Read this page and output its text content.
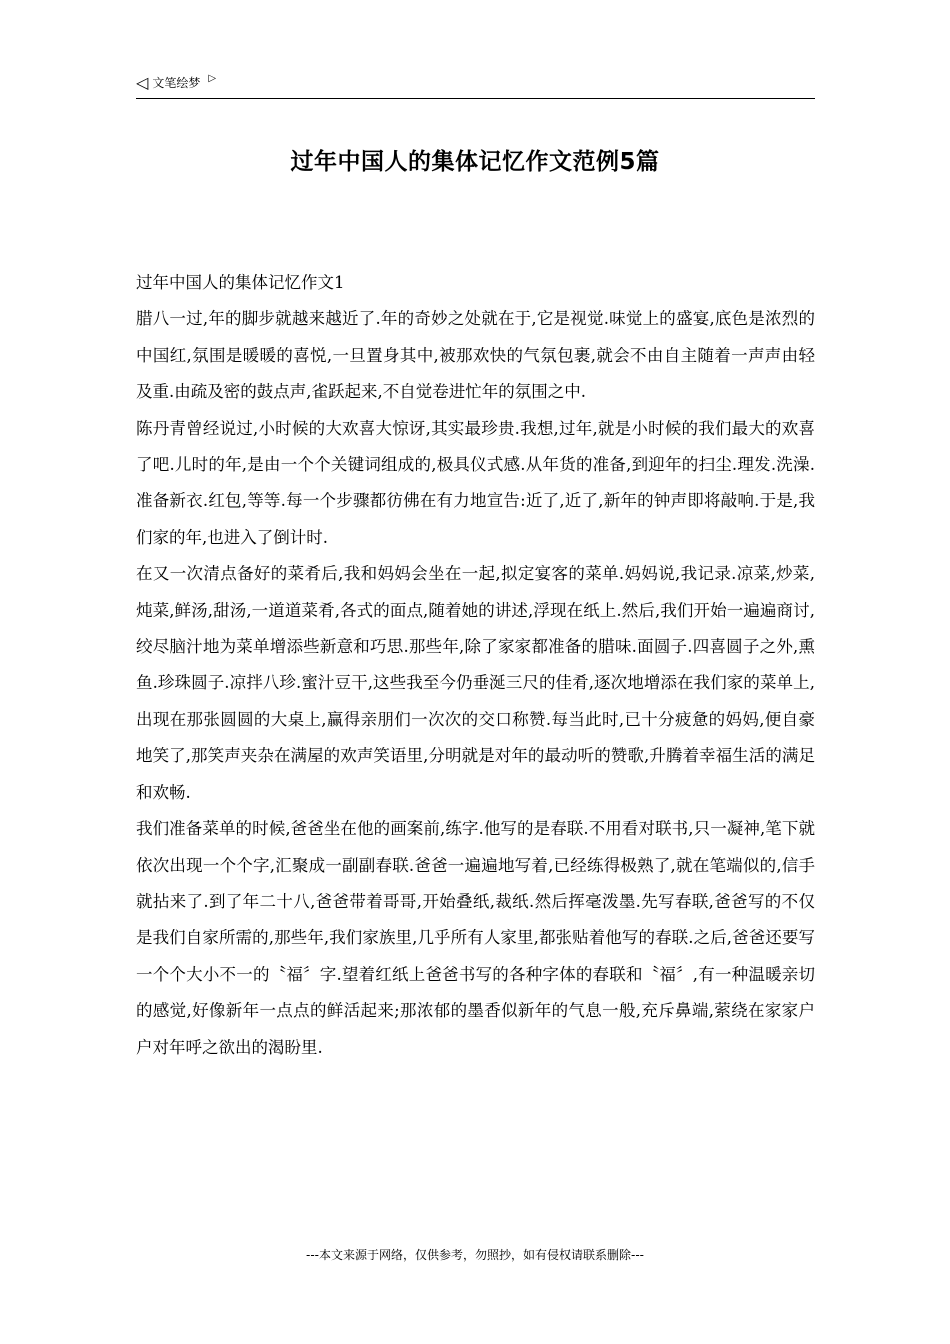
◁ 文笔绘梦 ▷
过年中国人的集体记忆作文范例5篇

过年中国人的集体记忆作文1

腊八一过,年的脚步就越来越近了.年的奇妙之处就在于,它是视觉.味觉上的盛宴,底色是浓烈的中国红,氛围是暖暖的喜悦,一旦置身其中,被那欢快的气氛包裹,就会不由自主随着一声声由轻及重.由疏及密的鼓点声,雀跃起来,不自觉卷进忙年的氛围之中.

陈丹青曾经说过,小时候的大欢喜大惊讶,其实最珍贵.我想,过年,就是小时候的我们最大的欢喜了吧.儿时的年,是由一个个关键词组成的,极具仪式感.从年货的准备,到迎年的扫尘.理发.洗澡.准备新衣.红包,等等.每一个步骤都彷佛在有力地宣告:近了,近了,新年的钟声即将敲响.于是,我们家的年,也进入了倒计时.

在又一次清点备好的菜肴后,我和妈妈会坐在一起,拟定宴客的菜单.妈妈说,我记录.凉菜,炒菜,炖菜,鲜汤,甜汤,一道道菜肴,各式的面点,随着她的讲述,浮现在纸上.然后,我们开始一遍遍商讨,绞尽脑汁地为菜单增添些新意和巧思.那些年,除了家家都准备的腊味.面圆子.四喜圆子之外,熏鱼.珍珠圆子.凉拌八珍.蜜汁豆干,这些我至今仍垂涎三尺的佳肴,逐次地增添在我们家的菜单上,出现在那张圆圆的大桌上,赢得亲朋们一次次的交口称赞.每当此时,已十分疲惫的妈妈,便自豪地笑了,那笑声夹杂在满屋的欢声笑语里,分明就是对年的最动听的赞歌,升腾着幸福生活的满足和欢畅.

我们准备菜单的时候,爸爸坐在他的画案前,练字.他写的是春联.不用看对联书,只一凝神,笔下就依次出现一个个字,汇聚成一副副春联.爸爸一遍遍地写着,已经练得极熟了,就在笔端似的,信手就拈来了.到了年二十八,爸爸带着哥哥,开始叠纸,裁纸.然后挥毫泼墨.先写春联,爸爸写的不仅是我们自家所需的,那些年,我们家族里,几乎所有人家里,都张贴着他写的春联.之后,爸爸还要写一个个大小不一的〝福〞字.望着红纸上爸爸书写的各种字体的春联和〝福〞,有一种温暖亲切的感觉,好像新年一点点的鲜活起来;那浓郁的墨香似新年的气息一般,充斥鼻端,萦绕在家家户户对年呼之欲出的渴盼里.

---本文来源于网络，仅供参考，勿照抄，如有侵权请联系删除---
